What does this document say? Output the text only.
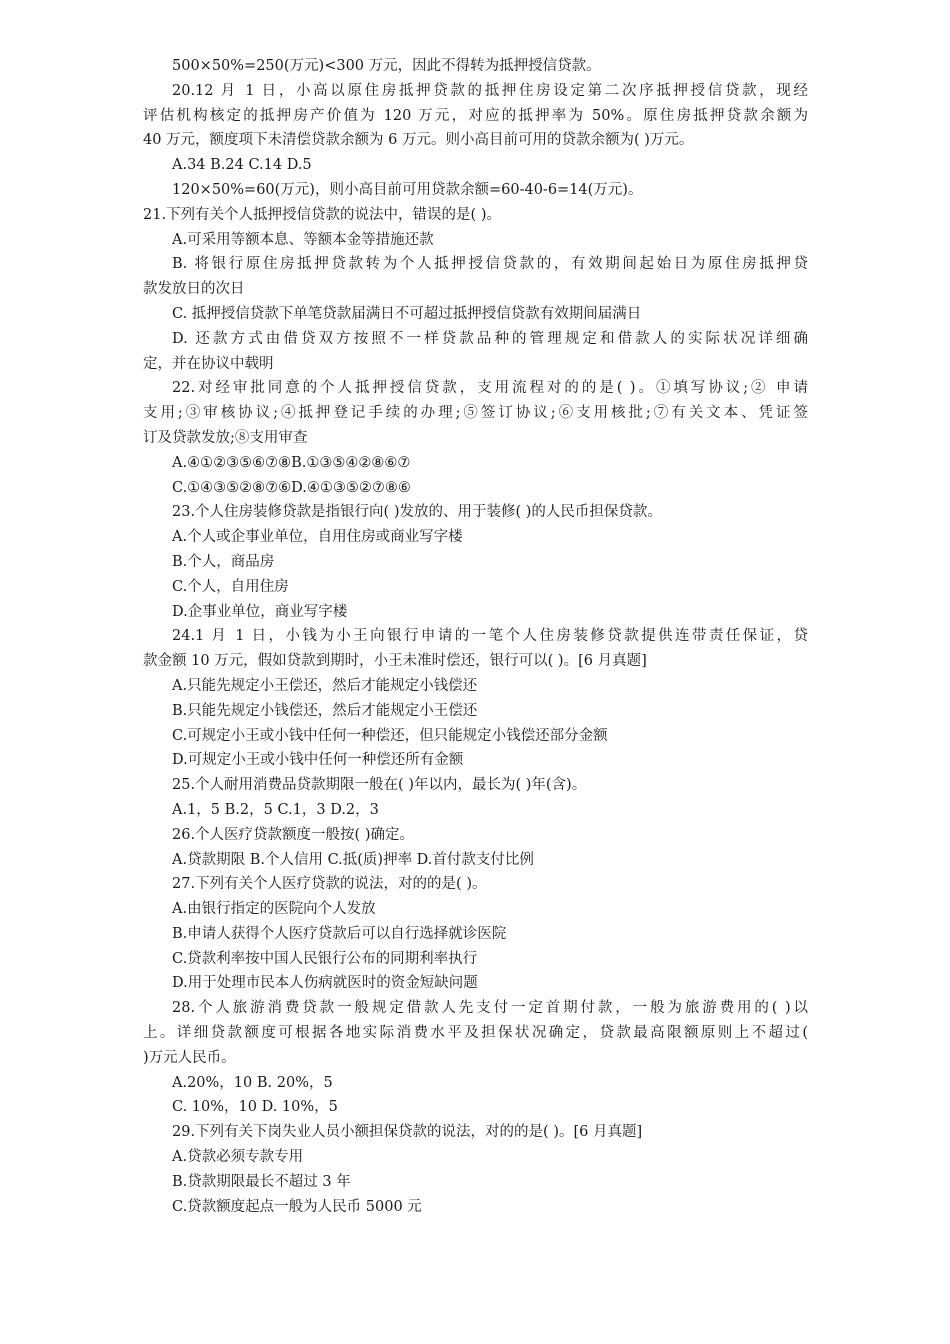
500×50%=250(万元)<300 万元，因此不得转为抵押授信贷款。
20.12 月 1 日，小高以原住房抵押贷款的抵押住房设定第二次序抵押授信贷款，现经
评估机构核定的抵押房产价值为 120 万元，对应的抵押率为 50%。原住房抵押贷款余额为
40 万元，额度项下未清偿贷款余额为 6 万元。则小高目前可用的贷款余额为( )万元。
A.34 B.24 C.14 D.5
120×50%=60(万元)，则小高目前可用贷款余额=60-40-6=14(万元)。
21.下列有关个人抵押授信贷款的说法中，错误的是( )。
A.可采用等额本息、等额本金等措施还款
B. 将银行原住房抵押贷款转为个人抵押授信贷款的，有效期间起始日为原住房抵押贷
款发放日的次日
C. 抵押授信贷款下单笔贷款届满日不可超过抵押授信贷款有效期间届满日
D. 还款方式由借贷双方按照不一样贷款品种的管理规定和借款人的实际状况详细确
定，并在协议中载明
22.对经审批同意的个人抵押授信贷款，支用流程对的的是( )。①填写协议;② 申请
支用;③审核协议;④抵押登记手续的办理;⑤签订协议;⑥支用核批;⑦有关文本、凭证签
订及贷款发放;⑧支用审查
A.④①②③⑤⑥⑦⑧B.①③⑤④②⑧⑥⑦
C.①④③⑤②⑧⑦⑥D.④①③⑤②⑦⑧⑥
23.个人住房装修贷款是指银行向( )发放的、用于装修( )的人民币担保贷款。
A.个人或企事业单位，自用住房或商业写字楼
B.个人，商品房
C.个人，自用住房
D.企事业单位，商业写字楼
24.1 月 1 日，小钱为小王向银行申请的一笔个人住房装修贷款提供连带责任保证，贷
款金额 10 万元，假如贷款到期时，小王未准时偿还，银行可以( )。[6 月真题]
A.只能先规定小王偿还，然后才能规定小钱偿还
B.只能先规定小钱偿还，然后才能规定小王偿还
C.可规定小王或小钱中任何一种偿还，但只能规定小钱偿还部分金额
D.可规定小王或小钱中任何一种偿还所有金额
25.个人耐用消费品贷款期限一般在( )年以内，最长为( )年(含)。
A.1，5 B.2，5 C.1，3 D.2，3
26.个人医疗贷款额度一般按( )确定。
A.贷款期限 B.个人信用 C.抵(质)押率 D.首付款支付比例
27.下列有关个人医疗贷款的说法，对的的是( )。
A.由银行指定的医院向个人发放
B.申请人获得个人医疗贷款后可以自行选择就诊医院
C.贷款利率按中国人民银行公布的同期利率执行
D.用于处理市民本人伤病就医时的资金短缺问题
28.个人旅游消费贷款一般规定借款人先支付一定首期付款，一般为旅游费用的( )以
上。详细贷款额度可根据各地实际消费水平及担保状况确定，贷款最高限额原则上不超过(
)万元人民币。
A.20%，10 B. 20%，5
C. 10%，10 D. 10%，5
29.下列有关下岗失业人员小额担保贷款的说法，对的的是( )。[6 月真题]
A.贷款必须专款专用
B.贷款期限最长不超过 3 年
C.贷款额度起点一般为人民币 5000 元
